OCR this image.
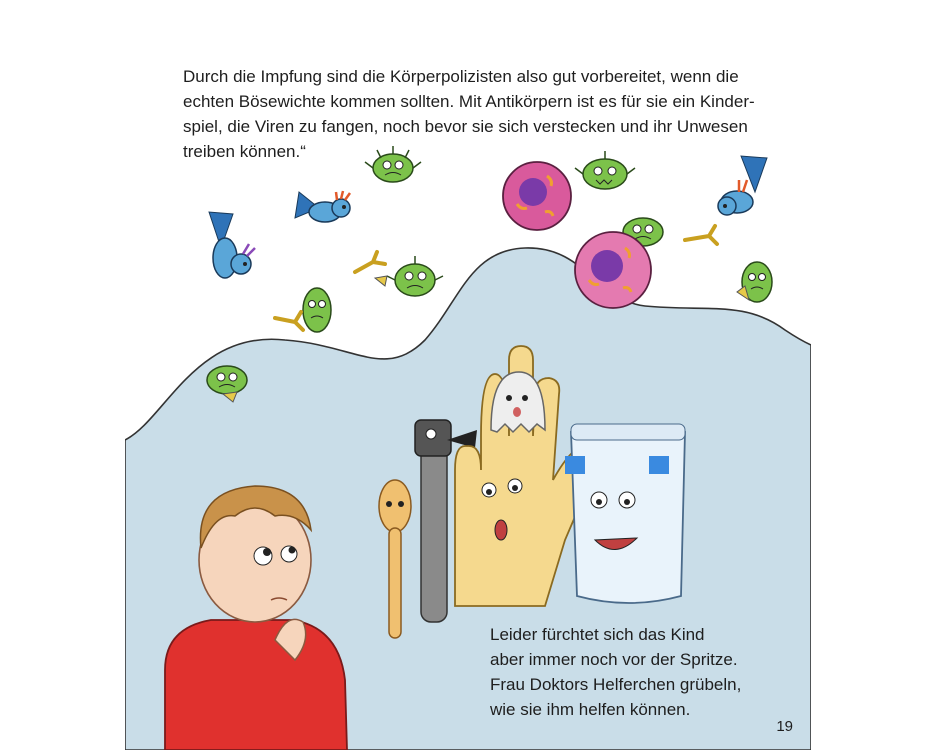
Durch die Impfung sind die Körperpolizisten also gut vorbereitet, wenn die
echten Bösewichte kommen sollten. Mit Antikörpern ist es für sie ein Kinder-
spiel, die Viren zu fangen, noch bevor sie sich verstecken und ihr Unwesen
treiben können.“
Leider fürchtet sich das Kind
aber immer noch vor der Spritze.
Frau Doktors Helferchen grübeln,
wie sie ihm helfen können.
19
